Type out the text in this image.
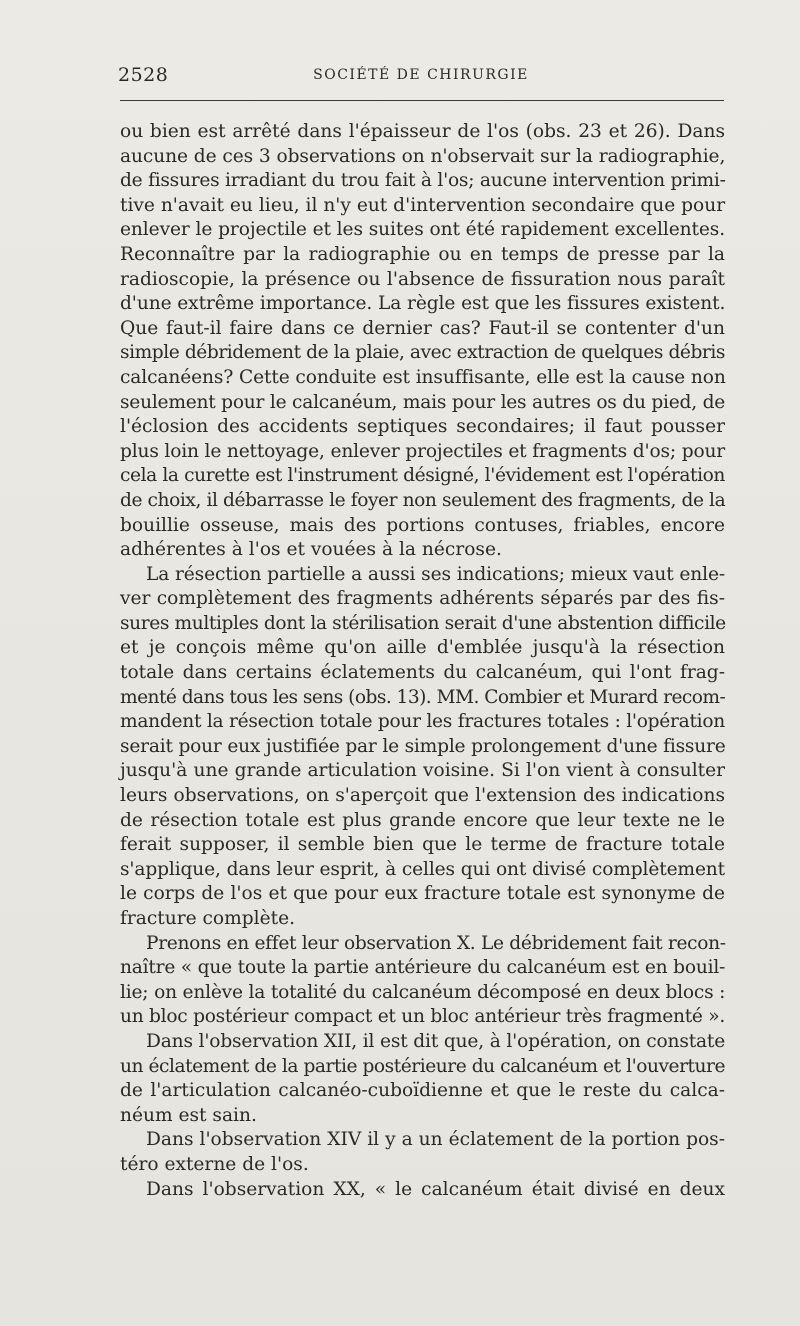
2528	SOCIÉTÉ DE CHIRURGIE

ou bien est arrêté dans l'épaisseur de l'os (obs. 23 et 26). Dans
aucune de ces 3 observations on n'observait sur la radiographie,
de fissures irradiant du trou fait à l'os; aucune intervention primi-
tive n'avait eu lieu, il n'y eut d'intervention secondaire que pour
enlever le projectile et les suites ont été rapidement excellentes.
Reconnaître par la radiographie ou en temps de presse par la
radioscopie, la présence ou l'absence de fissuration nous paraît
d'une extrême importance. La règle est que les fissures existent.
Que faut-il faire dans ce dernier cas? Faut-il se contenter d'un
simple débridement de la plaie, avec extraction de quelques débris
calcanéens? Cette conduite est insuffisante, elle est la cause non
seulement pour le calcanéum, mais pour les autres os du pied, de
l'éclosion des accidents septiques secondaires; il faut pousser
plus loin le nettoyage, enlever projectiles et fragments d'os; pour
cela la curette est l'instrument désigné, l'évidement est l'opération
de choix, il débarrasse le foyer non seulement des fragments, de la
bouillie osseuse, mais des portions contuses, friables, encore
adhérentes à l'os et vouées à la nécrose.

La résection partielle a aussi ses indications; mieux vaut enle-
ver complètement des fragments adhérents séparés par des fis-
sures multiples dont la stérilisation serait d'une abstention difficile
et je conçois même qu'on aille d'emblée jusqu'à la résection
totale dans certains éclatements du calcanéum, qui l'ont frag-
menté dans tous les sens (obs. 13). MM. Combier et Murard recom-
mandent la résection totale pour les fractures totales : l'opération
serait pour eux justifiée par le simple prolongement d'une fissure
jusqu'à une grande articulation voisine. Si l'on vient à consulter
leurs observations, on s'aperçoit que l'extension des indications
de résection totale est plus grande encore que leur texte ne le
ferait supposer, il semble bien que le terme de fracture totale
s'applique, dans leur esprit, à celles qui ont divisé complètement
le corps de l'os et que pour eux fracture totale est synonyme de
fracture complète.

Prenons en effet leur observation X. Le débridement fait recon-
naître « que toute la partie antérieure du calcanéum est en bouil-
lie; on enlève la totalité du calcanéum décomposé en deux blocs :
un bloc postérieur compact et un bloc antérieur très fragmenté ».

Dans l'observation XII, il est dit que, à l'opération, on constate
un éclatement de la partie postérieure du calcanéum et l'ouverture
de l'articulation calcanéo-cuboïdienne et que le reste du calca-
néum est sain.

Dans l'observation XIV il y a un éclatement de la portion pos-
téro externe de l'os.

Dans l'observation XX, « le calcanéum était divisé en deux
